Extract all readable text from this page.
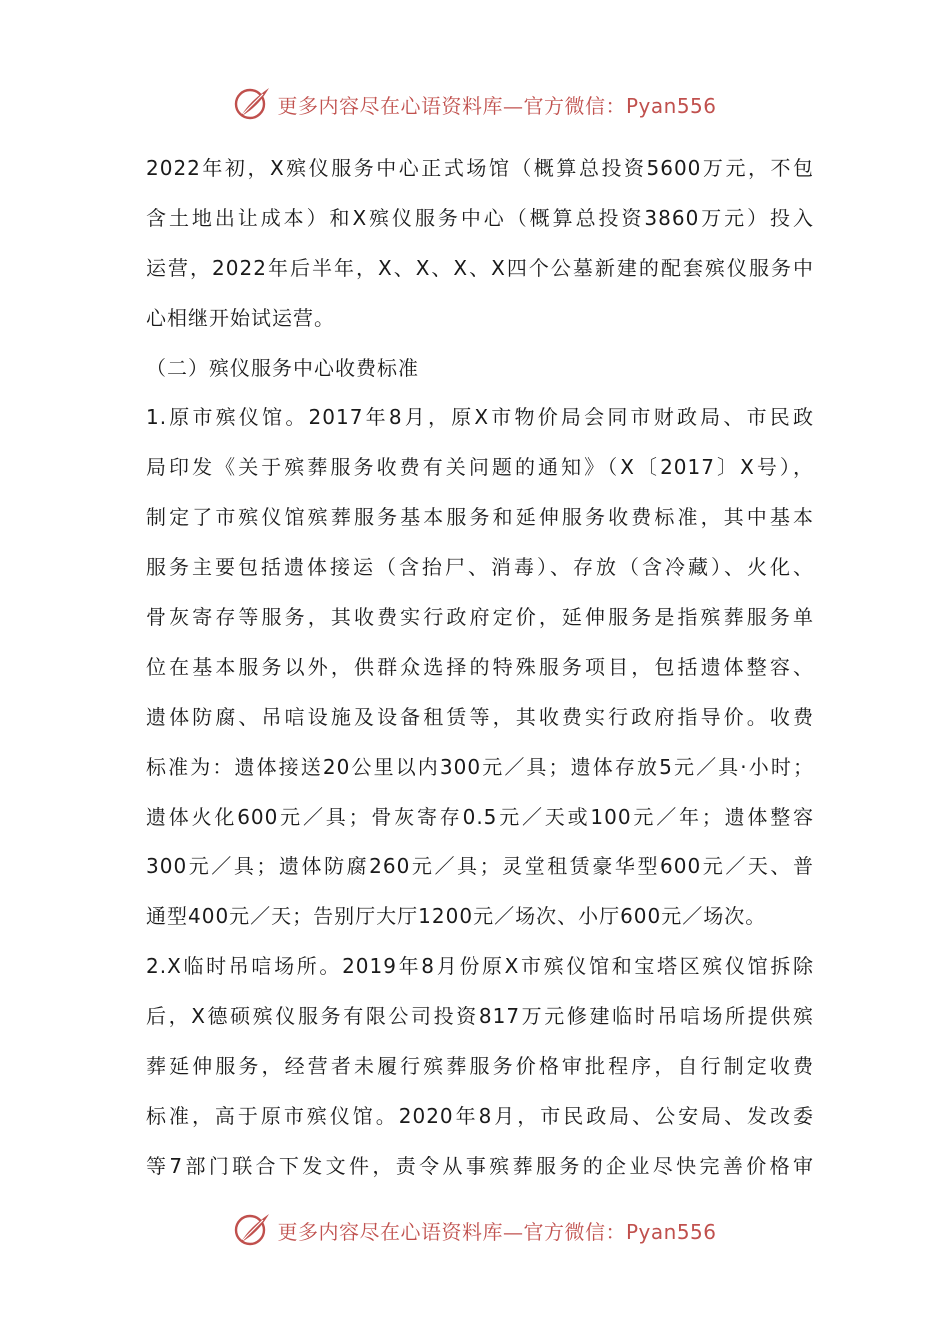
更多内容尽在心语资料库—官方微信：Pyan556
2022年初，X殡仪服务中心正式场馆（概算总投资5600万元，不包
含土地出让成本）和X殡仪服务中心（概算总投资3860万元）投入
运营，2022年后半年，X、X、X、X四个公墓新建的配套殡仪服务中
心相继开始试运营。
（二）殡仪服务中心收费标准
1.原市殡仪馆。2017年8月，原X市物价局会同市财政局、市民政
局印发《关于殡葬服务收费有关问题的通知》（X〔2017〕X号），
制定了市殡仪馆殡葬服务基本服务和延伸服务收费标准，其中基本
服务主要包括遗体接运（含抬尸、消毒）、存放（含冷藏）、火化、
骨灰寄存等服务，其收费实行政府定价，延伸服务是指殡葬服务单
位在基本服务以外，供群众选择的特殊服务项目，包括遗体整容、
遗体防腐、吊唁设施及设备租赁等，其收费实行政府指导价。收费
标准为：遗体接送20公里以内300元／具；遗体存放5元／具·小时；
遗体火化600元／具；骨灰寄存0.5元／天或100元／年；遗体整容
300元／具；遗体防腐260元／具；灵堂租赁豪华型600元／天、普
通型400元／天；告别厅大厅1200元／场次、小厅600元／场次。
2.X临时吊唁场所。2019年8月份原X市殡仪馆和宝塔区殡仪馆拆除
后，X德硕殡仪服务有限公司投资817万元修建临时吊唁场所提供殡
葬延伸服务，经营者未履行殡葬服务价格审批程序，自行制定收费
标准，高于原市殡仪馆。2020年8月，市民政局、公安局、发改委
等7部门联合下发文件，责令从事殡葬服务的企业尽快完善价格审
更多内容尽在心语资料库—官方微信：Pyan556
